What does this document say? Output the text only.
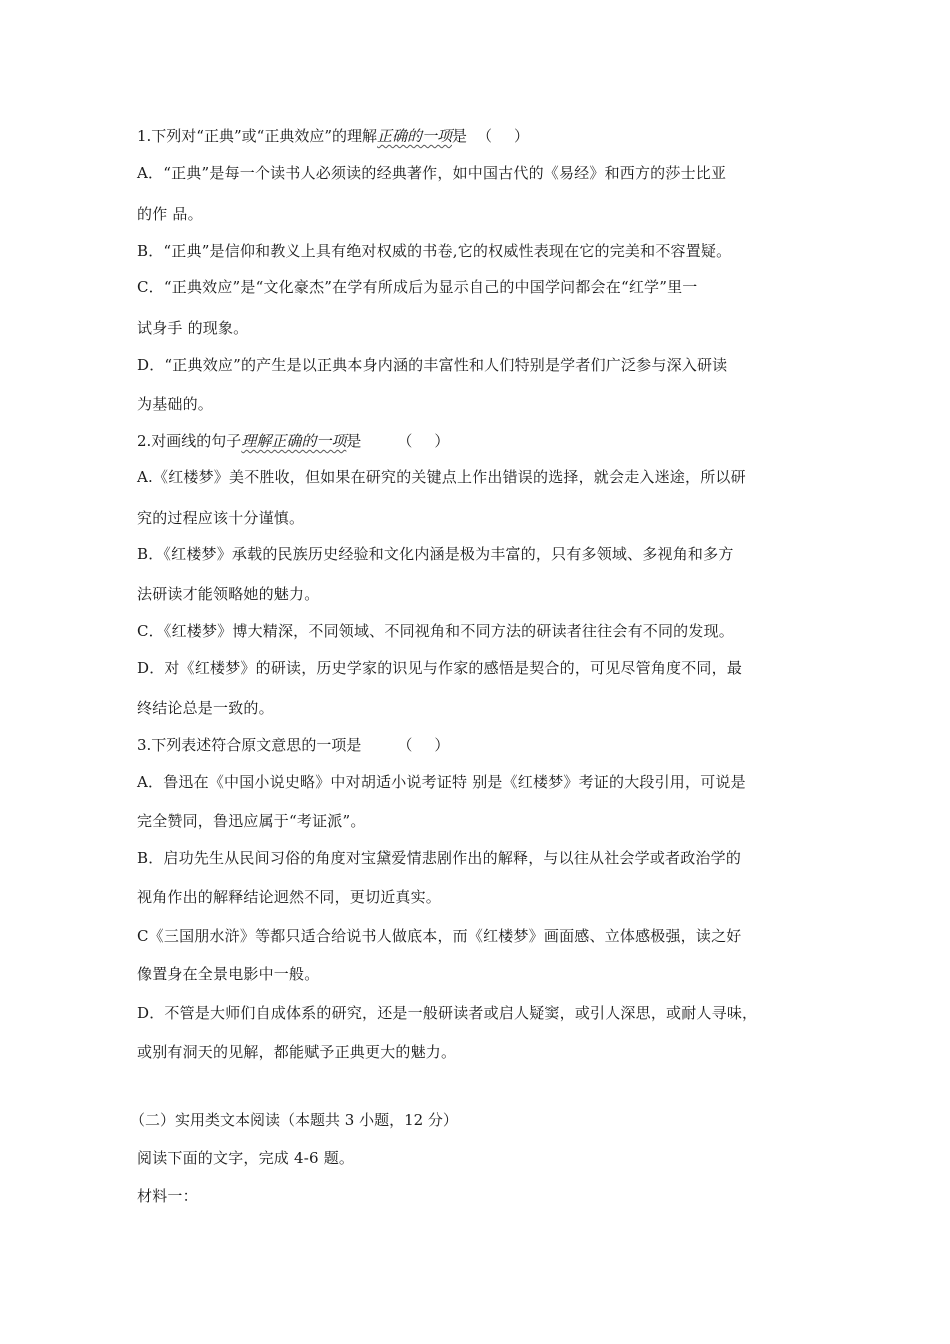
1.下列对“正典”或“正典效应”的理解正确的一项是 （ ）
A．“正典”是每一个读书人必须读的经典著作，如中国古代的《易经》和西方的莎士比亚
的作 品。
B．“正典”是信仰和教义上具有绝对权威的书卷,它的权威性表现在它的完美和不容置疑。
C．“正典效应”是“文化豪杰”在学有所成后为显示自己的中国学问都会在“红学”里一
试身手 的现象。
D．“正典效应”的产生是以正典本身内涵的丰富性和人们特别是学者们广泛参与深入研读
为基础的。
2.对画线的句子理解正确的一项是 （ ）
A.《红楼梦》美不胜收，但如果在研究的关键点上作出错误的选择，就会走入迷途，所以研
究的过程应该十分谨慎。
B．《红楼梦》承载的民族历史经验和文化内涵是极为丰富的，只有多领域、多视角和多方
法研读才能领略她的魅力。
C．《红楼梦》博大精深，不同领域、不同视角和不同方法的研读者往往会有不同的发现。
D．对《红楼梦》的研读，历史学家的识见与作家的感悟是契合的，可见尽管角度不同，最
终结论总是一致的。
3.下列表述符合原文意思的一项是 （ ）
A．鲁迅在《中国小说史略》中对胡适小说考证特 别是《红楼梦》考证的大段引用，可说是
完全赞同，鲁迅应属于“考证派”。
B．启功先生从民间习俗的角度对宝黛爱情悲剧作出的解释，与以往从社会学或者政治学的
视角作出的解释结论迥然不同，更切近真实。
C《三国朋水浒》等都只适合给说书人做底本，而《红楼梦》画面感、立体感极强，读之好
像置身在全景电影中一般。
D．不管是大师们自成体系的研究，还是一般研读者或启人疑窦，或引人深思，或耐人寻味，
或别有洞天的见解，都能赋予正典更大的魅力。
（二）实用类文本阅读（本题共 3 小题，12 分）
阅读下面的文字，完成 4-6 题。
材料一：
